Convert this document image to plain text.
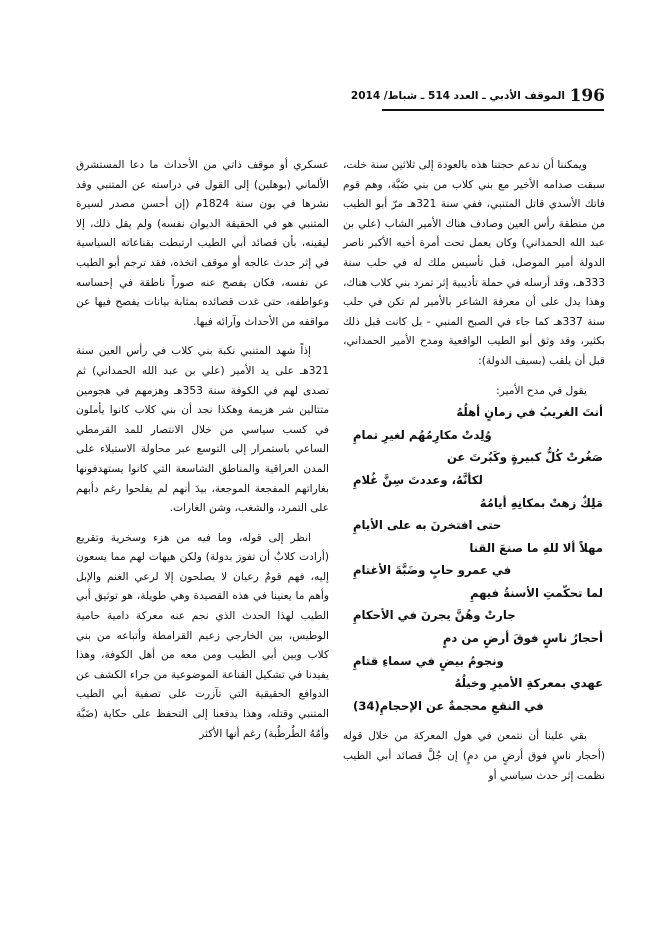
196
الموقف الأدبي ـ العدد 514 ـ شباط/ 2014

ويمكننا أن ندعم حجتنا هذه بالعودة إلى ثلاثين سنة خلت، سبقت صدامه الأخير مع بني كلاب من بني ضَبَّة، وهم قوم فاتك الأسدي قاتل المتنبي، ففي سنة 321هـ مرّ أبو الطيب من منطقة رأس العين وصادف هناك الأمير الشاب (علي بن عبد الله الحمداني) وكان يعمل تحت أمرة أخيه الأكبر ناصر الدولة أمير الموصل، قبل تأسيس ملك له في حلب سنة 333هـ، وقد أرسله في حملة تأديبية إثر تمرد بني كلاب هناك، وهذا يدل على أن معرفة الشاعر بالأمير لم تكن في حلب سنة 337هـ كما جاء في الصبح المنبي - بل كانت قبل ذلك بكثير، وقد وثق أبو الطيب الواقعية ومدح الأمير الحمداني، قبل أن يلقب (بسيف الدولة):

يقول في مدح الأمير:

أنتَ الغريبُ في زمانٍ أهلُهُ
وُلِدتْ مكارِمُهُم لغيرِ تمامِ
صَغُرتْ كُلُّ كبيرةٍ وكَبُرتَ عن
لكأنَّهُ، وعددتَ سِنَّ غُلامِ
مَلِكٌ زهتْ بمكانِهِ أيامُهُ
حتى افتخرنَ به على الأيامِ
مهلاً ألا للهِ ما صنعَ القنا
في عمرو حابٍ وضَبَّةَ الأغتامِ
لما تحكّمتِ الأسنةُ فيهمِ
جارتْ وهُنَّ يجرنَ في الأحكامِ
أحجارُ ناسٍ فوقَ أرضٍ من دمٍ
ونجومُ بيضٍ في سماءِ قتامِ
عهدي بمعركةِ الأميرِ وخيلُهُ
في النقعِ محجمةٌ عن الإحجامِ(34)

بقي علينا أن نتمعن في هول المعركة من خلال قوله (أحجار ناسٍ فوق أرضٍ من دمٍ) إن جُلَّ قصائد أبي الطيب نظمت إثر حدث سياسي أو

عسكري أو موقف ذاتي من الأحداث ما دعا المستشرق الألماني (بوهلين) إلى القول في دراسته عن المتنبي وقد نشرها في بون سنة 1824م (إن أحسن مصدر لسيرة المتنبي هو في الحقيقة الديوان نفسه) ولم يقل ذلك، إلا ليقينه، بأن قصائد أبي الطيب ارتبطت بقناعاته السياسية في إثر حدث عالجه أو موقف اتخذه، فقد ترجم أبو الطيب عن نفسه، فكان يفصح عنه صوراً ناطقة في إحساسه وعواطفه، حتى غدت قصائده بمثابة بيانات يفصح فيها عن مواقفه من الأحداث وآرائه فيها.

إذاً شهد المتنبي نكبة بني كلاب في رأس العين سنة 321هـ على يد الأمير (علي بن عبد الله الحمداني) ثم تصدى لهم في الكوفة سنة 353هـ وهزمهم في هجومين متتالين شر هزيمة وهكذا نجد أن بني كلاب كانوا يأملون في كسب سياسي من خلال الانتصار للمد القرمطي الساعي باستمرار إلى التوسع عبر محاولة الاستيلاء على المدن العراقية والمناطق الشاسعة التي كانوا يستهدفونها بغاراتهم المفجعة الموجعة، بيدَ أنهم لم يفلحوا رغم دأبهم على التمرد، والشغب، وشن الغارات.

انظر إلى قوله، وما فيه من هزء وسخرية وتقريع (أرادت كلابٌ أن تفوز بدولة) ولكن هيهات لهم مما يسعون إليه، فهم قومٌ رعيان لا يصلحون إلا لرعي الغنم والإبل وأهم ما يعنينا في هذه القصيدة وهي طويلة، هو توثيق أبي الطيب لهذا الحدث الذي نجم عنه معركة دامية حامية الوطيس، بين الخارجي زعيم القرامطة وأتباعه من بني كلاب وبين أبي الطيب ومن معه من أهل الكوفة، وهذا يفيدنا في تشكيل القناعة الموضوعية من جراء الكشف عن الدوافع الحقيقية التي تآزرت على تصفية أبي الطيب المتنبي وقتله، وهذا يدفعنا إلى التحفظ على حكاية (ضَبَّة وأمُهُ الطُرطُبة) رغم أنها الأكثر
